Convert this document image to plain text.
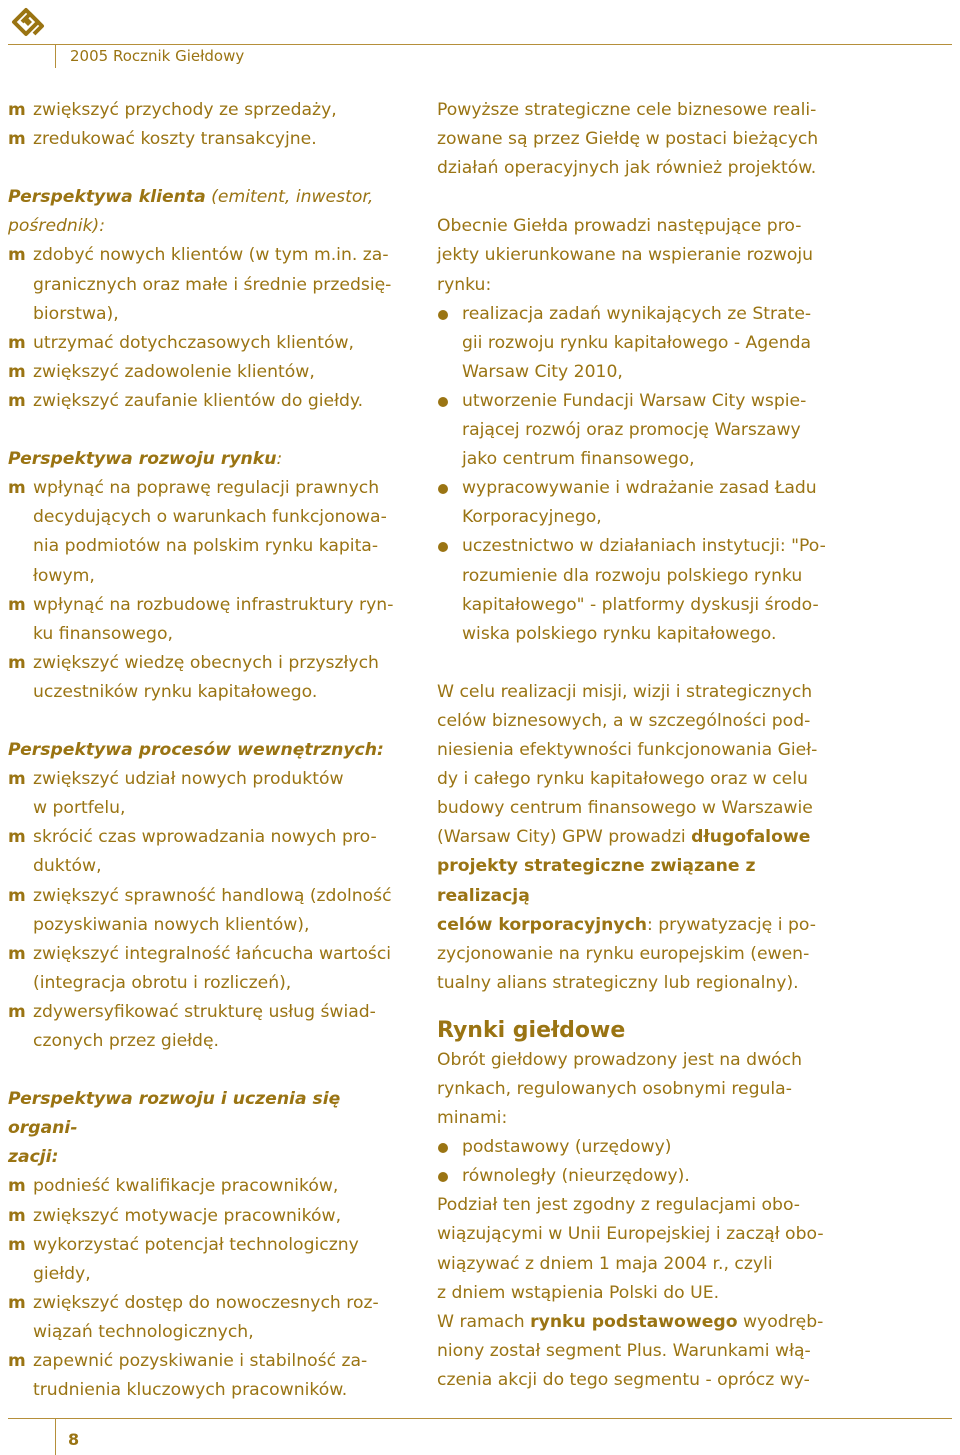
2005 Rocznik Giełdowy

m zwiększyć przychody ze sprzedaży,

m zredukować koszty transakcyjne.

Perspektywa klienta (emitent, inwestor,

pośrednik):

m zdobyć nowych klientów (w tym m.in. za-

granicznych oraz małe i średnie przedsię-

biorstwa),

m utrzymać dotychczasowych klientów,

m zwiększyć zadowolenie klientów,

m zwiększyć zaufanie klientów do giełdy.

Perspektywa rozwoju rynku:

m wpłynąć na poprawę regulacji prawnych

decydujących o warunkach funkcjonowa-

nia podmiotów na polskim rynku kapita-

łowym,

m wpłynąć na rozbudowę infrastruktury ryn-

ku finansowego,

m zwiększyć wiedzę obecnych i przyszłych

uczestników rynku kapitałowego.

Perspektywa procesów wewnętrznych:

m zwiększyć udział nowych produktów

w portfelu,

m skrócić czas wprowadzania nowych pro-

duktów,

m zwiększyć sprawność handlową (zdolność

pozyskiwania nowych klientów),

m zwiększyć integralność łańcucha wartości

(integracja obrotu i rozliczeń),

m zdywersyfikować strukturę usług świad-

czonych przez giełdę.

Perspektywa rozwoju i uczenia się organi-

zacji:

m podnieść kwalifikacje pracowników,

m zwiększyć motywacje pracowników,

m wykorzystać potencjał technologiczny

giełdy,

m zwiększyć dostęp do nowoczesnych roz-

wiązań technologicznych,

m zapewnić pozyskiwanie i stabilność za-

trudnienia kluczowych pracowników.

Powyższe strategiczne cele biznesowe reali-

zowane są przez Giełdę w postaci bieżących

działań operacyjnych jak również projektów.

Obecnie Giełda prowadzi następujące pro-

jekty ukierunkowane na wspieranie rozwoju

rynku:

realizacja zadań wynikających ze Strate-

gii rozwoju rynku kapitałowego - Agenda

Warsaw City 2010,

utworzenie Fundacji Warsaw City wspie-

rającej rozwój oraz promocję Warszawy

jako centrum finansowego,

wypracowywanie i wdrażanie zasad Ładu

Korporacyjnego,

uczestnictwo w działaniach instytucji: "Po-

rozumienie dla rozwoju polskiego rynku

kapitałowego" - platformy dyskusji środo-

wiska polskiego rynku kapitałowego.

W celu realizacji misji, wizji i strategicznych

celów biznesowych, a w szczególności pod-

niesienia efektywności funkcjonowania Gieł-

dy i całego rynku kapitałowego oraz w celu

budowy centrum finansowego w Warszawie

(Warsaw City) GPW prowadzi długofalowe

projekty strategiczne związane z realizacją

celów korporacyjnych: prywatyzację i po-

zycjonowanie na rynku europejskim (ewen-

tualny alians strategiczny lub regionalny).

Rynki giełdowe

Obrót giełdowy prowadzony jest na dwóch

rynkach, regulowanych osobnymi regula-

minami:

podstawowy (urzędowy)

równoległy (nieurzędowy).

Podział ten jest zgodny z regulacjami obo-

wiązującymi w Unii Europejskiej i zaczął obo-

wiązywać z dniem 1 maja 2004 r., czyli

z dniem wstąpienia Polski do UE.

W ramach rynku podstawowego wyodręb-

niony został segment Plus. Warunkami włą-

czenia akcji do tego segmentu - oprócz wy-

8
